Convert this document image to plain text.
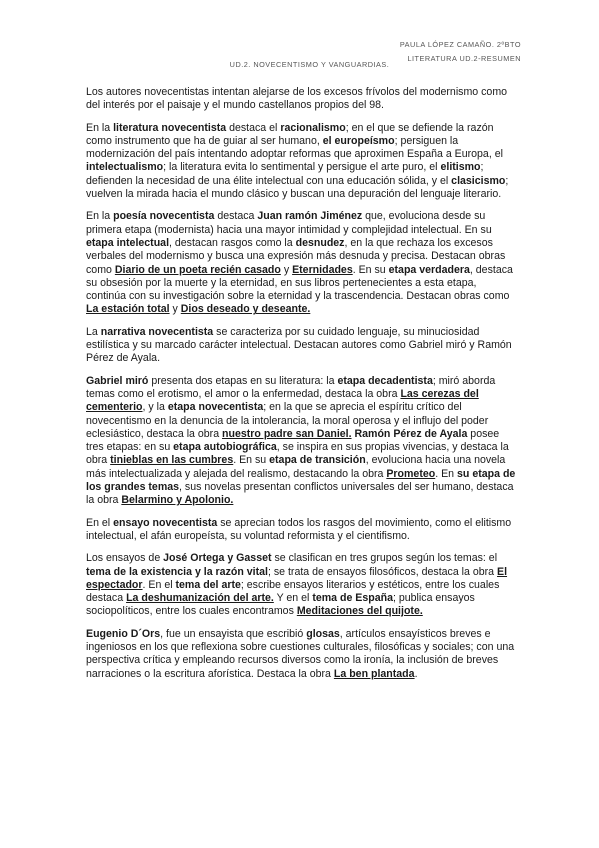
PAULA LÓPEZ CAMAÑO. 2ºBTO
LITERATURA UD.2-RESUMEN
UD.2. NOVECENTISMO Y VANGUARDIAS.

Los autores novecentistas intentan alejarse de los excesos frívolos del modernismo como del interés por el paisaje y el mundo castellanos propios del 98.

En la literatura novecentista destaca el racionalismo; en el que se defiende la razón como instrumento que ha de guiar al ser humano, el europeísmo; persiguen la modernización del país intentando adoptar reformas que aproximen España a Europa, el intelectualismo; la literatura evita lo sentimental y persigue el arte puro, el elitismo; defienden la necesidad de una élite intelectual con una educación sólida, y el clasicismo; vuelven la mirada hacia el mundo clásico y buscan una depuración del lenguaje literario.

En la poesía novecentista destaca Juan ramón Jiménez que, evoluciona desde su primera etapa (modernista) hacia una mayor intimidad y complejidad intelectual. En su etapa intelectual, destacan rasgos como la desnudez, en la que rechaza los excesos verbales del modernismo y busca una expresión más desnuda y precisa. Destacan obras como Diario de un poeta recién casado y Eternidades. En su etapa verdadera, destaca su obsesión por la muerte y la eternidad, en sus libros pertenecientes a esta etapa, continúa con su investigación sobre la eternidad y la trascendencia. Destacan obras como La estación total y Dios deseado y deseante.

La narrativa novecentista se caracteriza por su cuidado lenguaje, su minuciosidad estilística y su marcado carácter intelectual. Destacan autores como Gabriel miró y Ramón Pérez de Ayala.

Gabriel miró presenta dos etapas en su literatura: la etapa decadentista; miró aborda temas como el erotismo, el amor o la enfermedad, destaca la obra Las cerezas del cementerio, y la etapa novecentista; en la que se aprecia el espíritu crítico del novecentismo en la denuncia de la intolerancia, la moral operosa y el influjo del poder eclesiástico, destaca la obra nuestro padre san Daniel. Ramón Pérez de Ayala posee tres etapas: en su etapa autobiográfica, se inspira en sus propias vivencias, y destaca la obra tinieblas en las cumbres. En su etapa de transición, evoluciona hacia una novela más intelectualizada y alejada del realismo, destacando la obra Prometeo. En su etapa de los grandes temas, sus novelas presentan conflictos universales del ser humano, destaca la obra Belarmino y Apolonio.

En el ensayo novecentista se aprecian todos los rasgos del movimiento, como el elitismo intelectual, el afán europeísta, su voluntad reformista y el cientifismo.

Los ensayos de José Ortega y Gasset se clasifican en tres grupos según los temas: el tema de la existencia y la razón vital; se trata de ensayos filosóficos, destaca la obra El espectador. En el tema del arte; escribe ensayos literarios y estéticos, entre los cuales destaca La deshumanización del arte. Y en el tema de España; publica ensayos sociopolíticos, entre los cuales encontramos Meditaciones del quijote.

Eugenio D´Ors, fue un ensayista que escribió glosas, artículos ensayísticos breves e ingeniosos en los que reflexiona sobre cuestiones culturales, filosóficas y sociales; con una perspectiva crítica y empleando recursos diversos como la ironía, la inclusión de breves narraciones o la escritura aforística. Destaca la obra La ben plantada.
